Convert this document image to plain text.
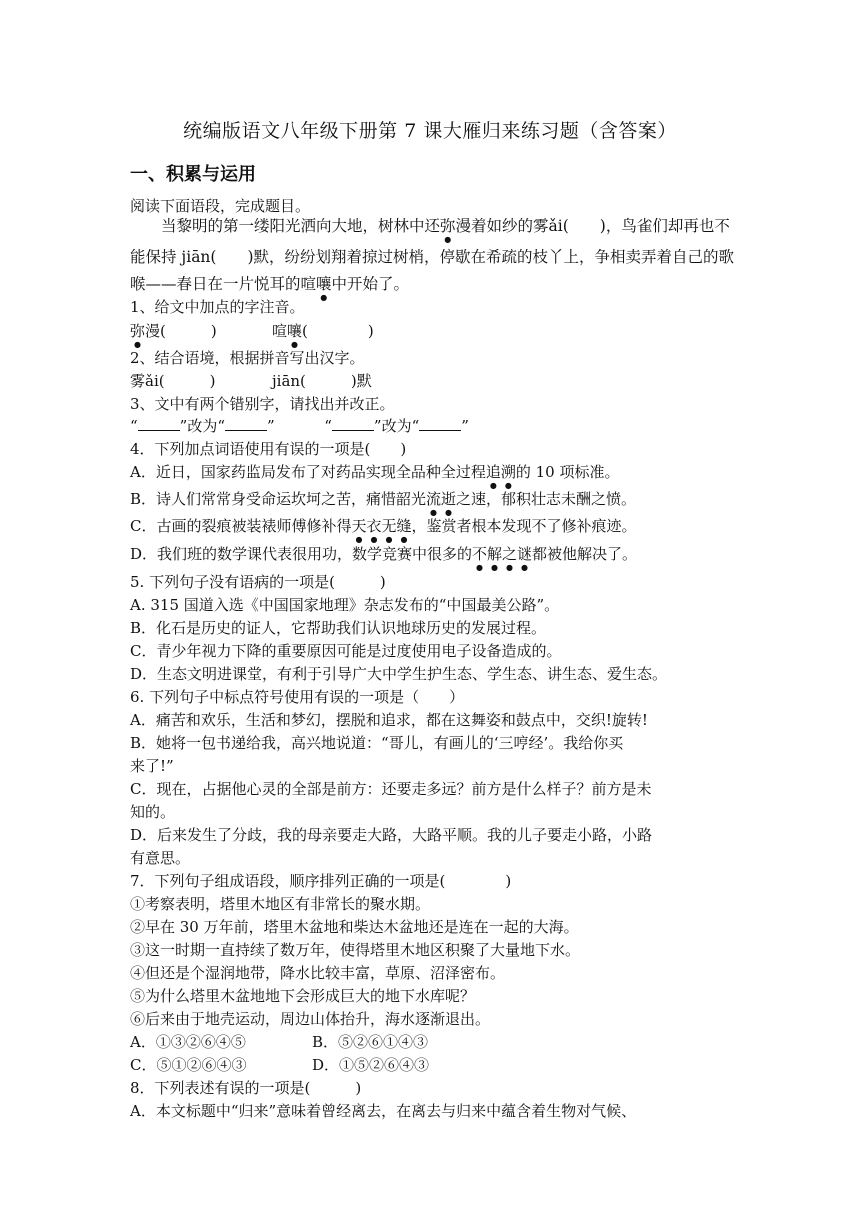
统编版语文八年级下册第 7 课大雁归来练习题（含答案）
一、积累与运用
阅读下面语段，完成题目。

当黎明的第一缕阳光洒向大地，树林中还弥漫着如纱的雾ǎi(　　)，鸟雀们却再也不能保持 jiān(　　)默，纷纷划翔着掠过树梢，停歇在希疏的枝丫上，争相卖弄着自己的歌喉——春日在一片悦耳的喧嚷中开始了。

1、给文中加点的字注音。
弥漫(　　　)	喧嚷(　　　　)
2、结合语境，根据拼音写出汉字。
雾ǎi(　　　)	jiān(　　　)默
3、文中有两个错别字，请找出并改正。
“	”改为“	”	“	”改为“	”
4．下列加点词语使用有误的一项是(　　)
A．近日，国家药监局发布了对药品实现全品种全过程追溯的 10 项标准。
B．诗人们常常身受命运坎坷之苦，痛惜韶光流逝之速，郁积壮志未酬之愤。
C．古画的裂痕被装裱师傅修补得天衣无缝，鉴赏者根本发现不了修补痕迹。
D．我们班的数学课代表很用功，数学竞赛中很多的不解之谜都被他解决了。
5. 下列句子没有语病的一项是(　　　)
A. 315 国道入选《中国国家地理》杂志发布的“中国最美公路”。
B．化石是历史的证人，它帮助我们认识地球历史的发展过程。
C．青少年视力下降的重要原因可能是过度使用电子设备造成的。
D．生态文明进课堂，有利于引导广大中学生护生态、学生态、讲生态、爱生态。
6. 下列句子中标点符号使用有误的一项是（　　）
A．痛苦和欢乐，生活和梦幻，摆脱和追求，都在这舞姿和鼓点中，交织!旋转!
B．她将一包书递给我，高兴地说道：“哥儿，有画儿的‘三哼经’。我给你买
来了!”
C．现在，占据他心灵的全部是前方：还要走多远？前方是什么样子？前方是未
知的。
D．后来发生了分歧，我的母亲要走大路，大路平顺。我的儿子要走小路，小路
有意思。
7．下列句子组成语段，顺序排列正确的一项是(　　　　)
①考察表明，塔里木地区有非常长的聚水期。
②早在 30 万年前，塔里木盆地和柴达木盆地还是连在一起的大海。
③这一时期一直持续了数万年，使得塔里木地区积聚了大量地下水。
④但还是个湿润地带，降水比较丰富，草原、沼泽密布。
⑤为什么塔里木盆地地下会形成巨大的地下水库呢？
⑥后来由于地壳运动，周边山体抬升，海水逐渐退出。
A．①③②⑥④⑤	B．⑤②⑥①④③
C．⑤①②⑥④③	D．①⑤②⑥④③
8．下列表述有误的一项是(　　　)
A．本文标题中“归来”意味着曾经离去，在离去与归来中蕴含着生物对气候、
